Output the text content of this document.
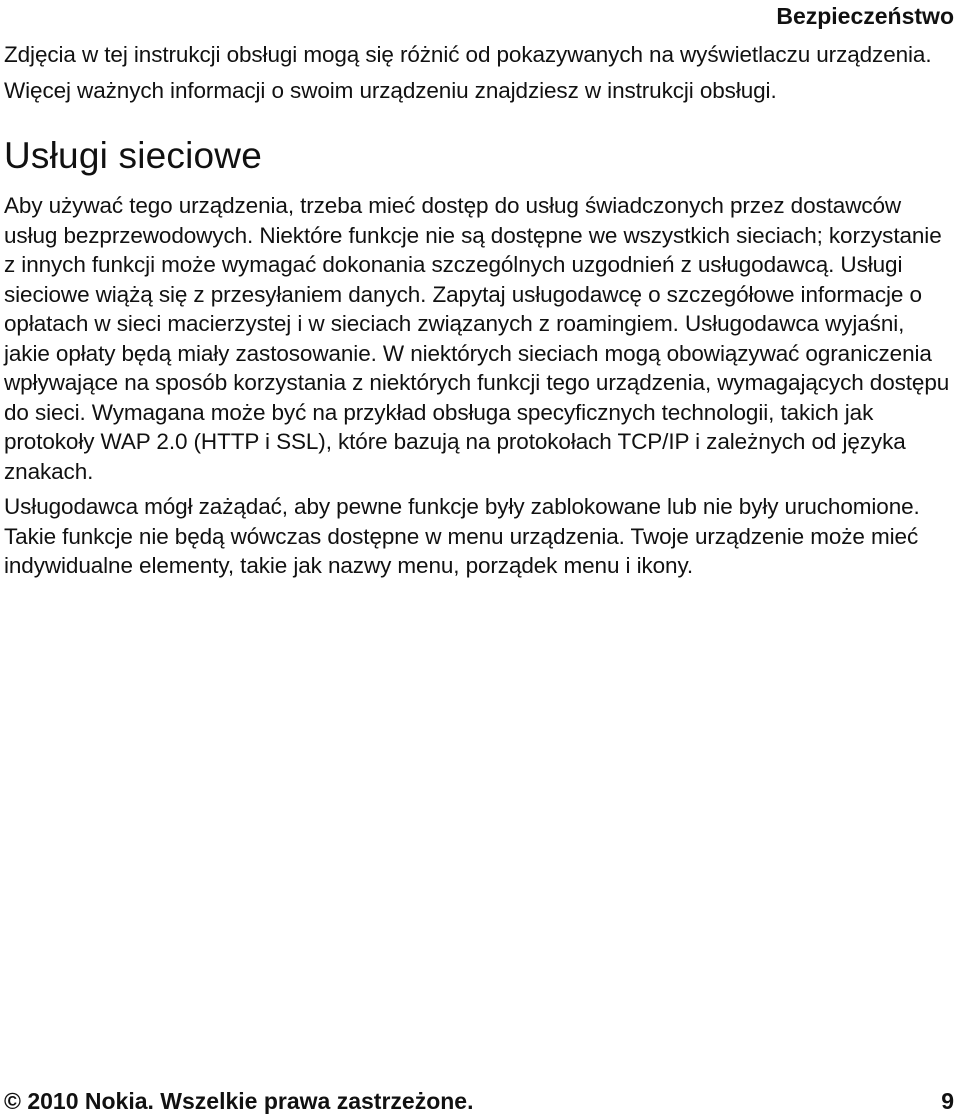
Bezpieczeństwo

Zdjęcia w tej instrukcji obsługi mogą się różnić od pokazywanych na wyświetlaczu urządzenia.

Więcej ważnych informacji o swoim urządzeniu znajdziesz w instrukcji obsługi.

Usługi sieciowe

Aby używać tego urządzenia, trzeba mieć dostęp do usług świadczonych przez dostawców usług bezprzewodowych. Niektóre funkcje nie są dostępne we wszystkich sieciach; korzystanie z innych funkcji może wymagać dokonania szczególnych uzgodnień z usługodawcą. Usługi sieciowe wiążą się z przesyłaniem danych. Zapytaj usługodawcę o szczegółowe informacje o opłatach w sieci macierzystej i w sieciach związanych z roamingiem. Usługodawca wyjaśni, jakie opłaty będą miały zastosowanie. W niektórych sieciach mogą obowiązywać ograniczenia wpływające na sposób korzystania z niektórych funkcji tego urządzenia, wymagających dostępu do sieci. Wymagana może być na przykład obsługa specyficznych technologii, takich jak protokoły WAP 2.0 (HTTP i SSL), które bazują na protokołach TCP/IP i zależnych od języka znakach.

Usługodawca mógł zażądać, aby pewne funkcje były zablokowane lub nie były uruchomione. Takie funkcje nie będą wówczas dostępne w menu urządzenia. Twoje urządzenie może mieć indywidualne elementy, takie jak nazwy menu, porządek menu i ikony.

© 2010 Nokia. Wszelkie prawa zastrzeżone.	9
